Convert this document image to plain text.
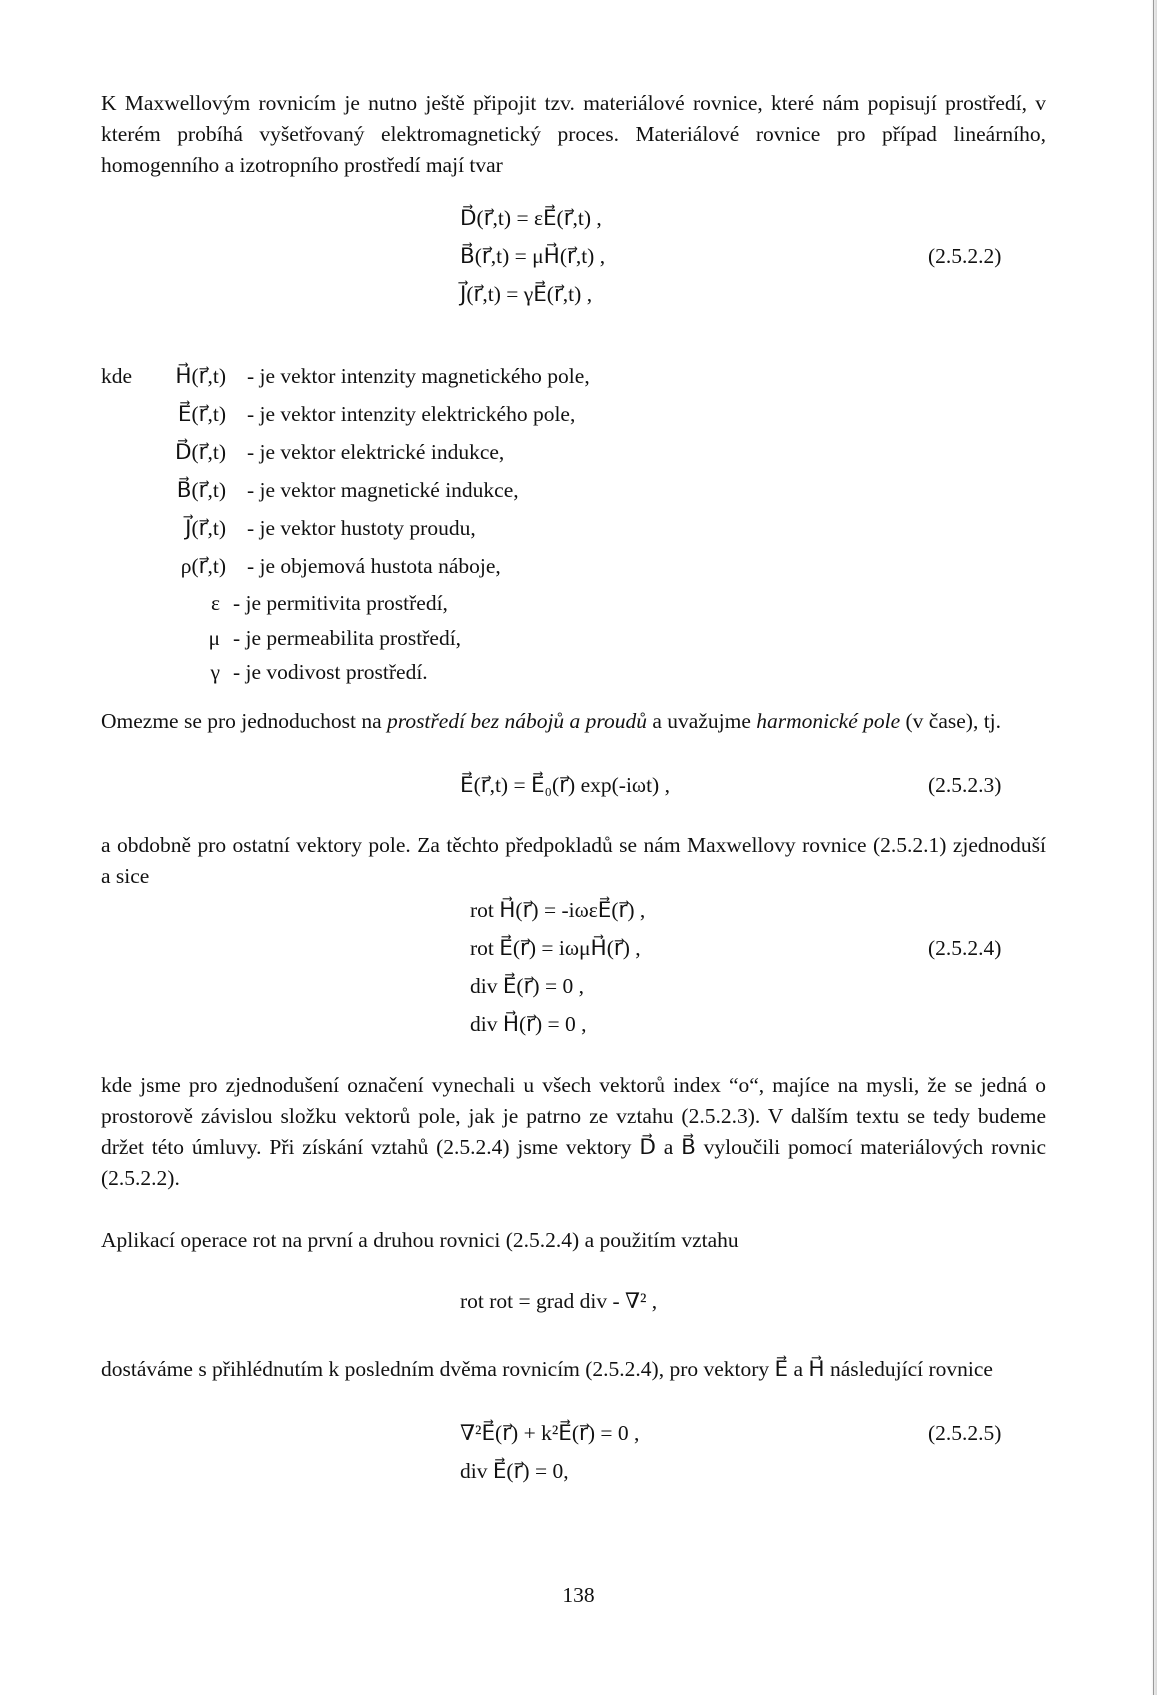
K Maxwellovým rovnicím je nutno ještě připojit tzv. materiálové rovnice, které nám popisují prostředí, v kterém probíhá vyšetřovaný elektromagnetický proces. Materiálové rovnice pro případ lineárního, homogenního a izotropního prostředí mají tvar
D⃗(r⃗,t) = εE⃗(r⃗,t) ,
B⃗(r⃗,t) = μH⃗(r⃗,t) ,
J⃗(r⃗,t) = γE⃗(r⃗,t) ,
(2.5.2.2)
kde	H⃗(r⃗,t) - je vektor intenzity magnetického pole,
E⃗(r⃗,t) - je vektor intenzity elektrického pole,
D⃗(r⃗,t) - je vektor elektrické indukce,
B⃗(r⃗,t) - je vektor magnetické indukce,
J⃗(r⃗,t) - je vektor hustoty proudu,
ρ(r⃗,t) - je objemová hustota náboje,
ε - je permitivita prostředí,
μ - je permeabilita prostředí,
γ - je vodivost prostředí.
Omezme se pro jednoduchost na prostředí bez nábojů a proudů a uvažujme harmonické pole (v čase), tj.
E⃗(r⃗,t) = E⃗₀(r⃗) exp(-iωt) ,	(2.5.2.3)
a obdobně pro ostatní vektory pole. Za těchto předpokladů se nám Maxwellovy rovnice (2.5.2.1) zjednoduší a sice
rot H⃗(r⃗) = -iωεE⃗(r⃗) ,
rot E⃗(r⃗) = iωμH⃗(r⃗) ,
div E⃗(r⃗) = 0 ,
div H⃗(r⃗) = 0 ,
(2.5.2.4)
kde jsme pro zjednodušení označení vynechali u všech vektorů index “o“, majíce na mysli, že se jedná o prostorově závislou složku vektorů pole, jak je patrno ze vztahu (2.5.2.3). V dalším textu se tedy budeme držet této úmluvy. Při získání vztahů (2.5.2.4) jsme vektory D⃗ a B⃗ vyloučili pomocí materiálových rovnic (2.5.2.2).
Aplikací operace rot na první a druhou rovnici (2.5.2.4) a použitím vztahu
rot rot = grad div - ∇² ,
dostáváme s přihlédnutím k posledním dvěma rovnicím (2.5.2.4), pro vektory E⃗ a H⃗ následující rovnice
∇²E⃗(r⃗) + k²E⃗(r⃗) = 0 ,
div E⃗(r⃗) = 0,
(2.5.2.5)
138
